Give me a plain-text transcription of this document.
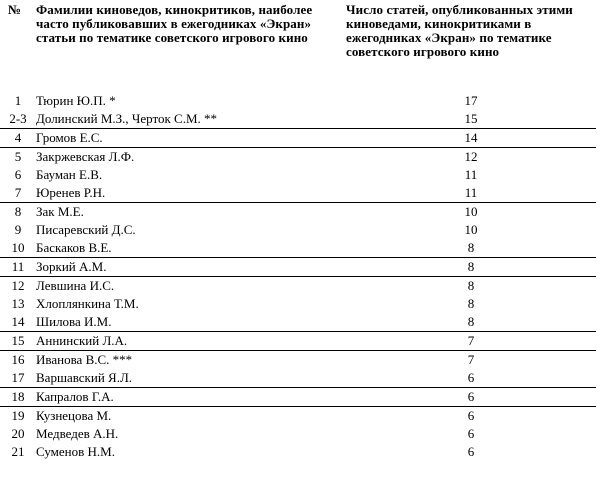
№ Фамилии киноведов, кинокритиков, наиболее часто публиковавших в ежегодниках «Экран» статьи по тематике советского игрового кино
Число статей, опубликованных этими киноведами, кинокритиками в ежегодниках «Экран» по тематике советского игрового кино
1	Тюрин Ю.П. *	17	
2-3	Долинский М.З., Черток С.М. **	15	
4	Громов Е.С.	14	
5	Закржевская Л.Ф.	12	
6	Бауман Е.В.	11	
7	Юренев Р.Н.	11	
8	Зак М.Е.	10	
9	Писаревский Д.С.	10	
10	Баскаков В.Е.	8	
11	Зоркий А.М.	8	
12	Левшина И.С.	8	
13	Хлоплянкина Т.М.	8	
14	Шилова И.М.	8	
15	Аннинский Л.А.	7	
16	Иванова В.С. ***	7	
17	Варшавский Я.Л.	6	
18	Капралов Г.А.	6	
19	Кузнецова М.	6	
20	Медведев А.Н.	6	
21	Суменов Н.М.	6	
